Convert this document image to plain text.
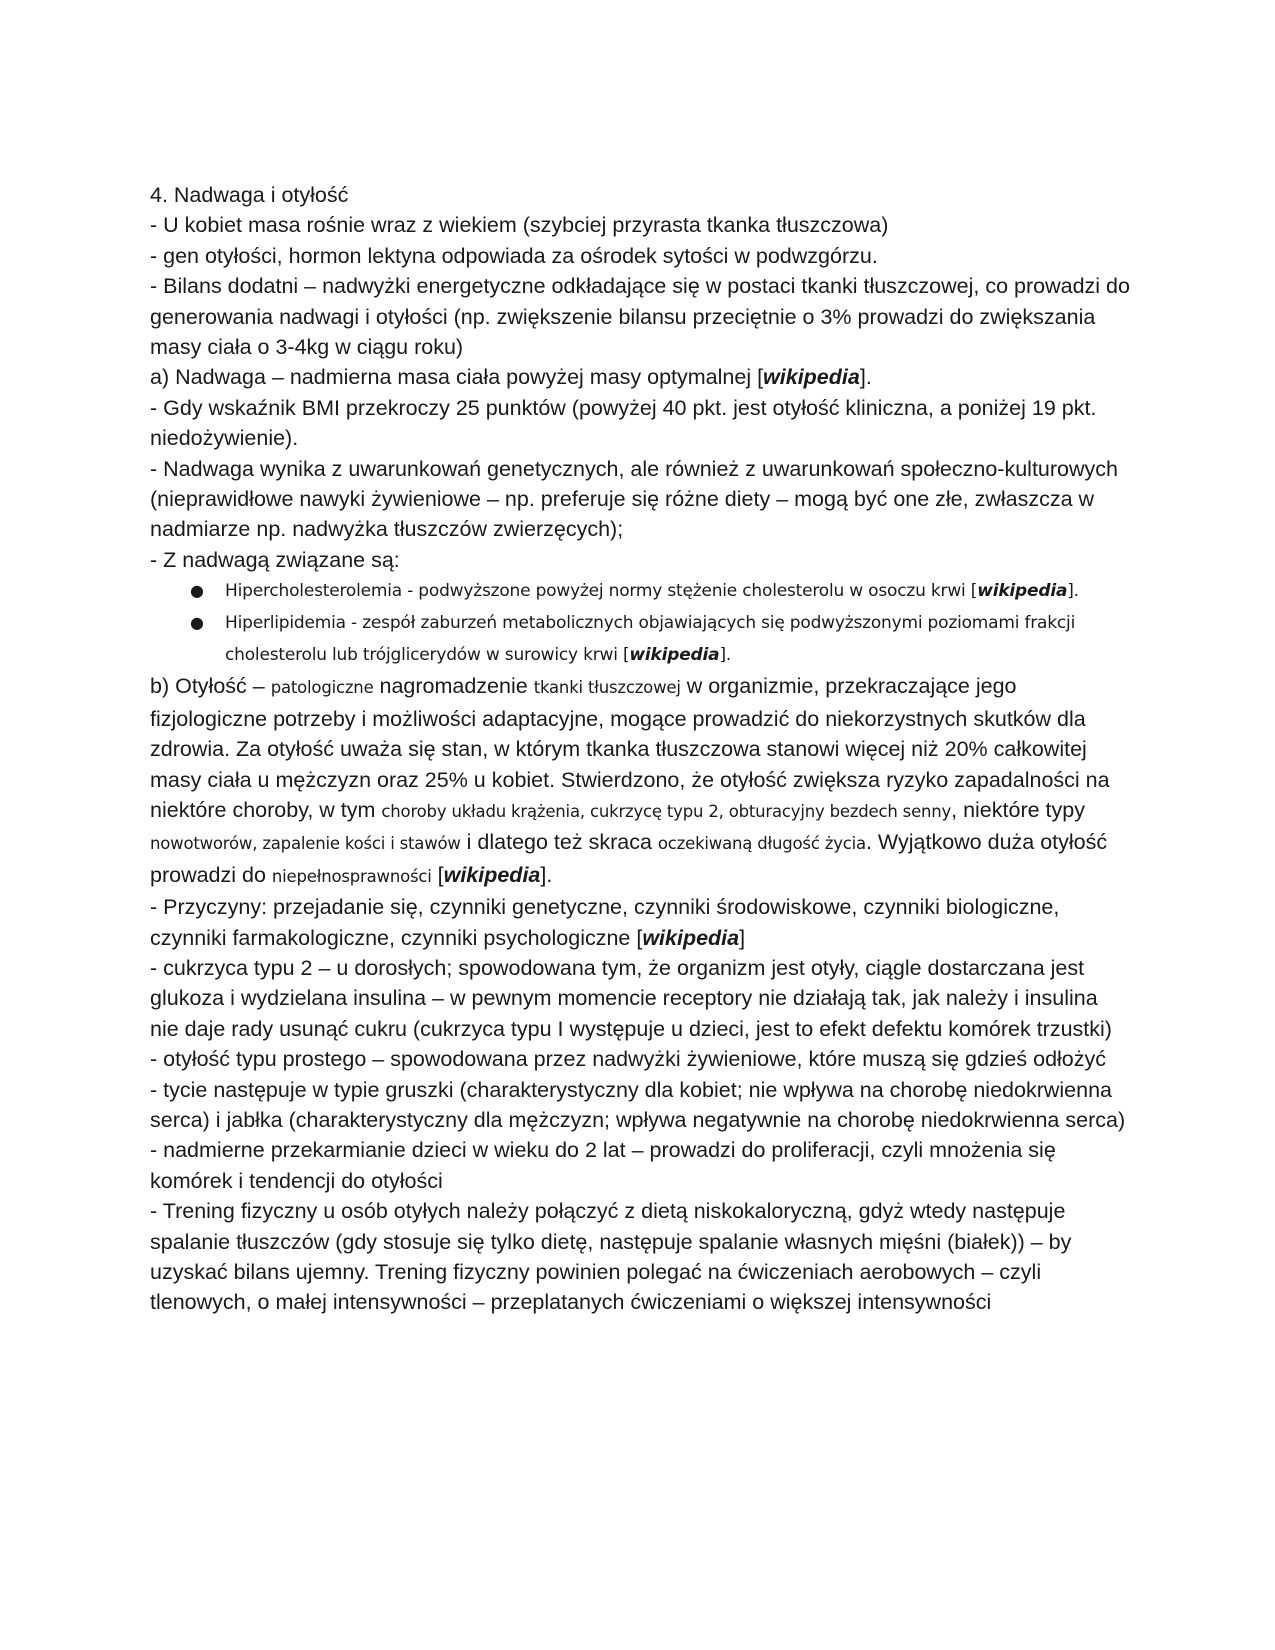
4. Nadwaga i otyłość

- U kobiet masa rośnie wraz z wiekiem (szybciej przyrasta tkanka tłuszczowa)

- gen otyłości, hormon lektyna odpowiada za ośrodek sytości w podwzgórzu.

- Bilans dodatni – nadwyżki energetyczne odkładające się w postaci tkanki tłuszczowej, co prowadzi do generowania nadwagi i otyłości (np. zwiększenie bilansu przeciętnie o 3% prowadzi do zwiększania masy ciała o 3-4kg w ciągu roku)

a) Nadwaga – nadmierna masa ciała powyżej masy optymalnej [wikipedia].

- Gdy wskaźnik BMI przekroczy 25 punktów (powyżej 40 pkt. jest otyłość kliniczna, a poniżej 19 pkt. niedożywienie).

- Nadwaga wynika z uwarunkowań genetycznych, ale również z uwarunkowań społeczno-kulturowych (nieprawidłowe nawyki żywieniowe – np. preferuje się różne diety – mogą być one złe, zwłaszcza w nadmiarze np. nadwyżka tłuszczów zwierzęcych);

- Z nadwagą związane są:

● Hipercholesterolemia - podwyższone powyżej normy stężenie cholesterolu w osoczu krwi [wikipedia].
● Hiperlipidemia - zespół zaburzeń metabolicznych objawiających się podwyższonymi poziomami frakcji cholesterolu lub trójglicerydów w surowicy krwi [wikipedia].

b) Otyłość – patologiczne nagromadzenie tkanki tłuszczowej w organizmie, przekraczające jego fizjologiczne potrzeby i możliwości adaptacyjne, mogące prowadzić do niekorzystnych skutków dla zdrowia. Za otyłość uważa się stan, w którym tkanka tłuszczowa stanowi więcej niż 20% całkowitej masy ciała u mężczyzn oraz 25% u kobiet. Stwierdzono, że otyłość zwiększa ryzyko zapadalności na niektóre choroby, w tym choroby układu krążenia, cukrzycę typu 2, obturacyjny bezdech senny, niektóre typy nowotworów, zapalenie kości i stawów i dlatego też skraca oczekiwaną długość życia. Wyjątkowo duża otyłość prowadzi do niepełnosprawności [wikipedia].

- Przyczyny: przejadanie się, czynniki genetyczne, czynniki środowiskowe, czynniki biologiczne, czynniki farmakologiczne, czynniki psychologiczne [wikipedia]

- cukrzyca typu 2 – u dorosłych; spowodowana tym, że organizm jest otyły, ciągle dostarczana jest glukoza i wydzielana insulina – w pewnym momencie receptory nie działają tak, jak należy i insulina nie daje rady usunąć cukru (cukrzyca typu I występuje u dzieci, jest to efekt defektu komórek trzustki)

- otyłość typu prostego – spowodowana przez nadwyżki żywieniowe, które muszą się gdzieś odłożyć

- tycie następuje w typie gruszki (charakterystyczny dla kobiet; nie wpływa na chorobę niedokrwienna serca) i jabłka (charakterystyczny dla mężczyzn; wpływa negatywnie na chorobę niedokrwienna serca)

- nadmierne przekarmianie dzieci w wieku do 2 lat – prowadzi do proliferacji, czyli mnożenia się komórek i tendencji do otyłości

- Trening fizyczny u osób otyłych należy połączyć z dietą niskokaloryczną, gdyż wtedy następuje spalanie tłuszczów (gdy stosuje się tylko dietę, następuje spalanie własnych mięśni (białek)) – by uzyskać bilans ujemny. Trening fizyczny powinien polegać na ćwiczeniach aerobowych – czyli tlenowych, o małej intensywności – przeplatanych ćwiczeniami o większej intensywności
